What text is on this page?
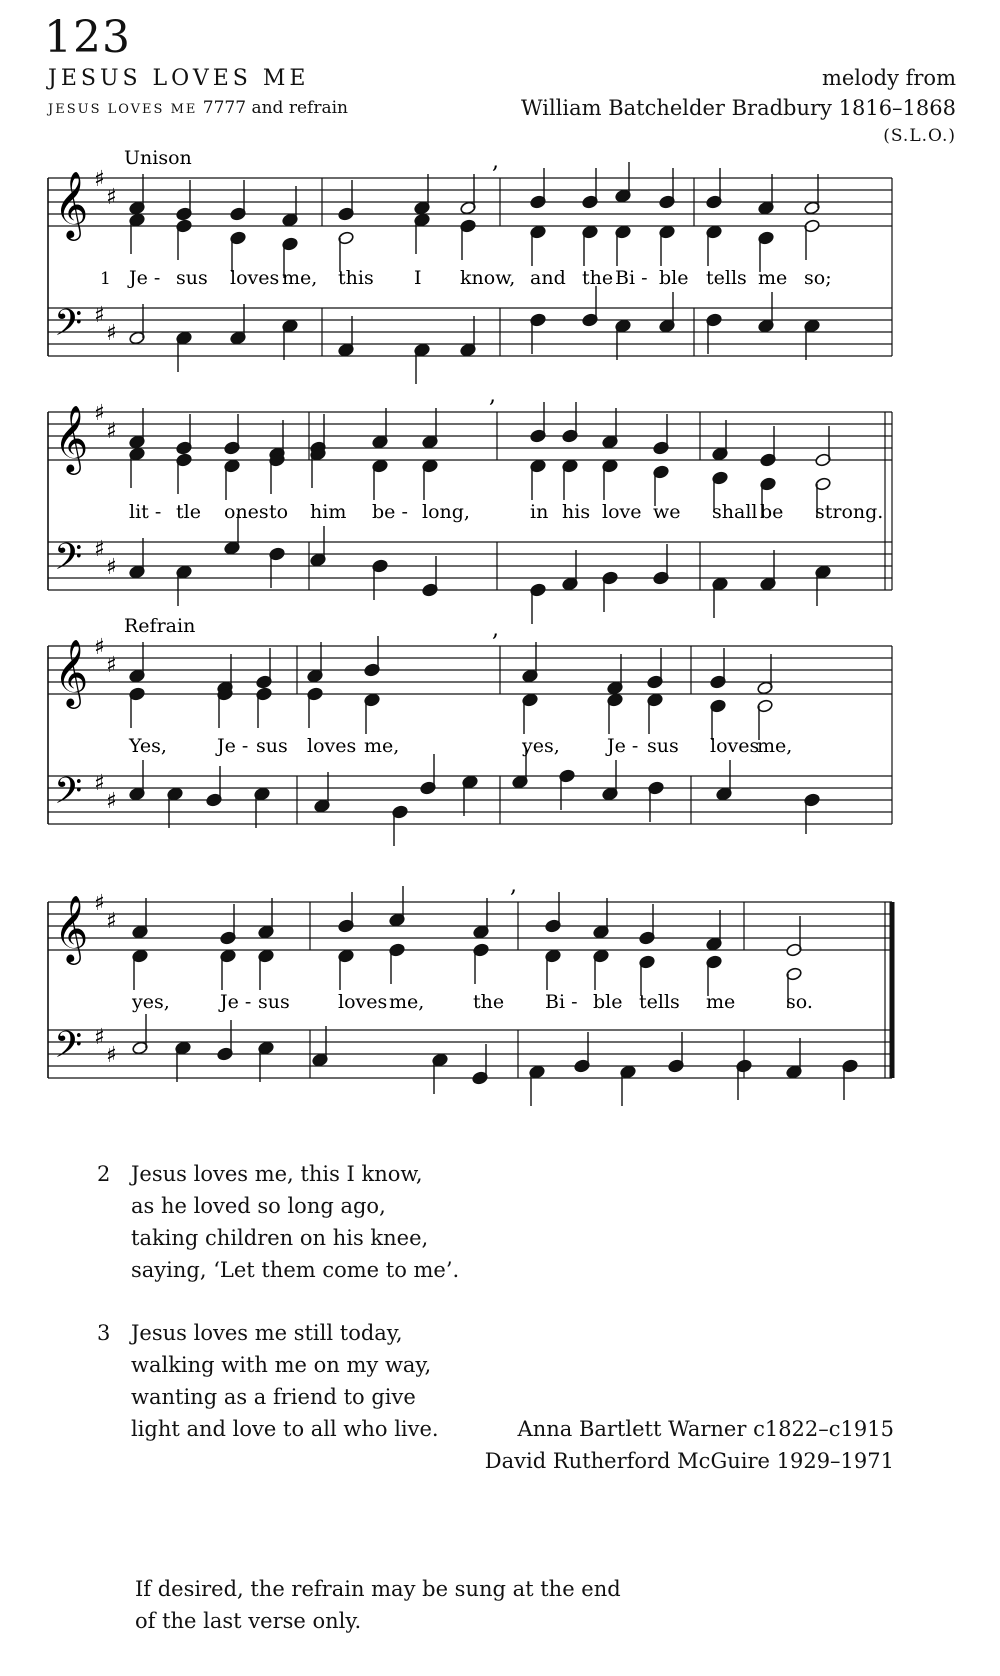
123
JESUS LOVES ME
JESUS LOVES ME 7777 and refrain
melody from
William Batchelder Bradbury 1816–1868
(S.L.O.)
𝄞
𝄢
♯
♯
♯
♯
,
Unison
1 Je - sus loves me, this I know, and the Bi - ble tells me so;
𝄞
𝄢
♯
♯
♯
♯
,
lit - tle ones to him be - long,	in his love we shall be strong.
𝄞
𝄢
♯
♯
♯
♯
,
Refrain
Yes,	Je - sus loves me,	yes, Je - sus loves
me,
𝄞
𝄢
♯
♯
♯
♯
,
yes,	Je - sus	loves me,	the Bi - ble tells me	so.
2 Jesus loves me, this I know,
as he loved so long ago,
taking children on his knee,
saying, ‘Let them come to me’.
3 Jesus loves me still today,
walking with me on my way,
wanting as a friend to give
light and love to all who live.	Anna Bartlett Warner c1822–c1915
David Rutherford McGuire 1929–1971
If desired, the refrain may be sung at the end
of the last verse only.
